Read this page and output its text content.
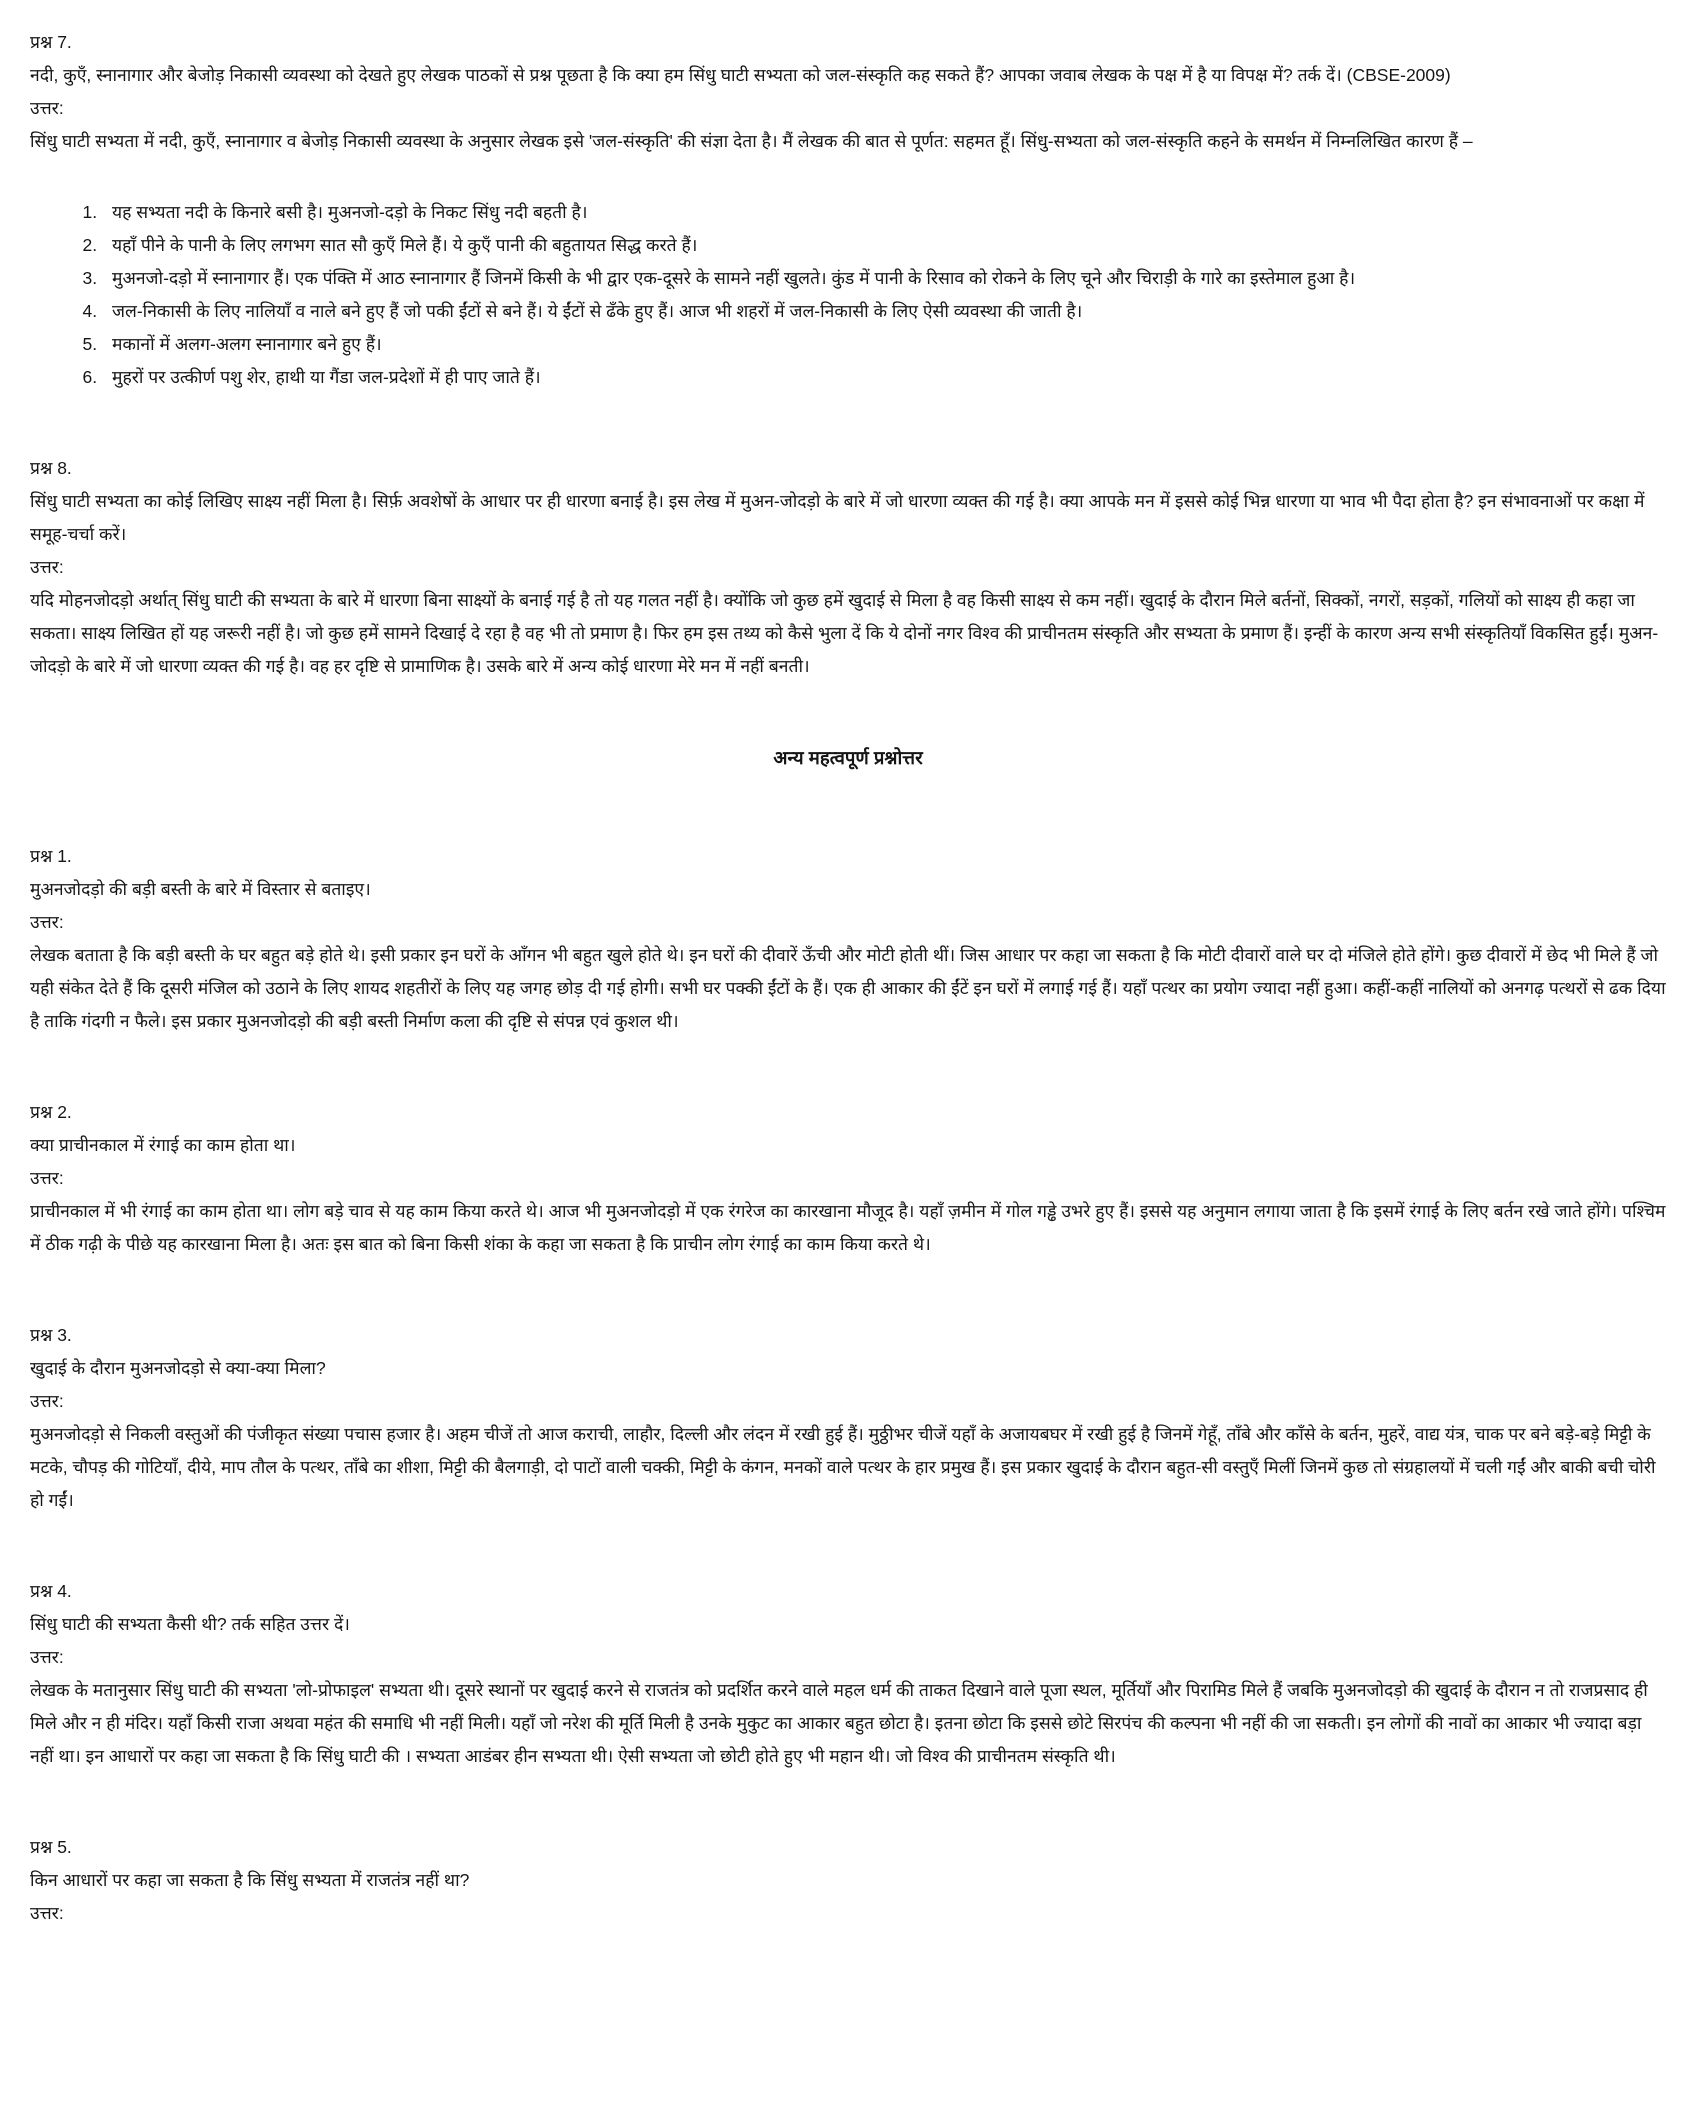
प्रश्न 7.

नदी, कुएँ, स्नानागार और बेजोड़ निकासी व्यवस्था को देखते हुए लेखक पाठकों से प्रश्न पूछता है कि क्या हम सिंधु घाटी सभ्यता को जल-संस्कृति कह सकते हैं? आपका जवाब लेखक के पक्ष में है या विपक्ष में? तर्क दें। (CBSE-2009)

उत्तर:

सिंधु घाटी सभ्यता में नदी, कुएँ, स्नानागार व बेजोड़ निकासी व्यवस्था के अनुसार लेखक इसे 'जल-संस्कृति' की संज्ञा देता है। मैं लेखक की बात से पूर्णत: सहमत हूँ। सिंधु-सभ्यता को जल-संस्कृति कहने के समर्थन में निम्नलिखित कारण हैं –

1. यह सभ्यता नदी के किनारे बसी है। मुअनजो-दड़ो के निकट सिंधु नदी बहती है।
2. यहाँ पीने के पानी के लिए लगभग सात सौ कुएँ मिले हैं। ये कुएँ पानी की बहुतायत सिद्ध करते हैं।
3. मुअनजो-दड़ो में स्नानागार हैं। एक पंक्ति में आठ स्नानागार हैं जिनमें किसी के भी द्वार एक-दूसरे के सामने नहीं खुलते। कुंड में पानी के रिसाव को रोकने के लिए चूने और चिराड़ी के गारे का इस्तेमाल हुआ है।
4. जल-निकासी के लिए नालियाँ व नाले बने हुए हैं जो पकी ईंटों से बने हैं। ये ईंटों से ढँके हुए हैं। आज भी शहरों में जल-निकासी के लिए ऐसी व्यवस्था की जाती है।
5. मकानों में अलग-अलग स्नानागार बने हुए हैं।
6. मुहरों पर उत्कीर्ण पशु शेर, हाथी या गैंडा जल-प्रदेशों में ही पाए जाते हैं।

प्रश्न 8.

सिंधु घाटी सभ्यता का कोई लिखिए साक्ष्य नहीं मिला है। सिर्फ़ अवशेषों के आधार पर ही धारणा बनाई है। इस लेख में मुअन-जोदड़ो के बारे में जो धारणा व्यक्त की गई है। क्या आपके मन में इससे कोई भिन्न धारणा या भाव भी पैदा होता है? इन संभावनाओं पर कक्षा में समूह-चर्चा करें।

उत्तर:

यदि मोहनजोदड़ो अर्थात् सिंधु घाटी की सभ्यता के बारे में धारणा बिना साक्ष्यों के बनाई गई है तो यह गलत नहीं है। क्योंकि जो कुछ हमें खुदाई से मिला है वह किसी साक्ष्य से कम नहीं। खुदाई के दौरान मिले बर्तनों, सिक्कों, नगरों, सड़कों, गलियों को साक्ष्य ही कहा जा सकता। साक्ष्य लिखित हों यह जरूरी नहीं है। जो कुछ हमें सामने दिखाई दे रहा है वह भी तो प्रमाण है। फिर हम इस तथ्य को कैसे भुला दें कि ये दोनों नगर विश्व की प्राचीनतम संस्कृति और सभ्यता के प्रमाण हैं। इन्हीं के कारण अन्य सभी संस्कृतियाँ विकसित हुईं। मुअन-जोदड़ो के बारे में जो धारणा व्यक्त की गई है। वह हर दृष्टि से प्रामाणिक है। उसके बारे में अन्य कोई धारणा मेरे मन में नहीं बनती।

अन्य महत्वपूर्ण प्रश्नोत्तर

प्रश्न 1.

मुअनजोदड़ो की बड़ी बस्ती के बारे में विस्तार से बताइए।

उत्तर:

लेखक बताता है कि बड़ी बस्ती के घर बहुत बड़े होते थे। इसी प्रकार इन घरों के आँगन भी बहुत खुले होते थे। इन घरों की दीवारें ऊँची और मोटी होती थीं। जिस आधार पर कहा जा सकता है कि मोटी दीवारों वाले घर दो मंजिले होते होंगे। कुछ दीवारों में छेद भी मिले हैं जो यही संकेत देते हैं कि दूसरी मंजिल को उठाने के लिए शायद शहतीरों के लिए यह जगह छोड़ दी गई होगी। सभी घर पक्की ईंटों के हैं। एक ही आकार की ईंटें इन घरों में लगाई गई हैं। यहाँ पत्थर का प्रयोग ज्यादा नहीं हुआ। कहीं-कहीं नालियों को अनगढ़ पत्थरों से ढक दिया है ताकि गंदगी न फैले। इस प्रकार मुअनजोदड़ो की बड़ी बस्ती निर्माण कला की दृष्टि से संपन्न एवं कुशल थी।

प्रश्न 2.

क्या प्राचीनकाल में रंगाई का काम होता था।

उत्तर:

प्राचीनकाल में भी रंगाई का काम होता था। लोग बड़े चाव से यह काम किया करते थे। आज भी मुअनजोदड़ो में एक रंगरेज का कारखाना मौजूद है। यहाँ ज़मीन में गोल गड्ढे उभरे हुए हैं। इससे यह अनुमान लगाया जाता है कि इसमें रंगाई के लिए बर्तन रखे जाते होंगे। पश्चिम में ठीक गढ़ी के पीछे यह कारखाना मिला है। अतः इस बात को बिना किसी शंका के कहा जा सकता है कि प्राचीन लोग रंगाई का काम किया करते थे।

प्रश्न 3.

खुदाई के दौरान मुअनजोदड़ो से क्या-क्या मिला?

उत्तर:

मुअनजोदड़ो से निकली वस्तुओं की पंजीकृत संख्या पचास हजार है। अहम चीजें तो आज कराची, लाहौर, दिल्ली और लंदन में रखी हुई हैं। मुठ्ठीभर चीजें यहाँ के अजायबघर में रखी हुई है जिनमें गेहूँ, ताँबे और काँसे के बर्तन, मुहरें, वाद्य यंत्र, चाक पर बने बड़े-बड़े मिट्टी के मटके, चौपड़ की गोटियाँ, दीये, माप तौल के पत्थर, ताँबे का शीशा, मिट्टी की बैलगाड़ी, दो पाटों वाली चक्की, मिट्टी के कंगन, मनकों वाले पत्थर के हार प्रमुख हैं। इस प्रकार खुदाई के दौरान बहुत-सी वस्तुएँ मिलीं जिनमें कुछ तो संग्रहालयों में चली गईं और बाकी बची चोरी हो गईं।

प्रश्न 4.

सिंधु घाटी की सभ्यता कैसी थी? तर्क सहित उत्तर दें।

उत्तर:

लेखक के मतानुसार सिंधु घाटी की सभ्यता 'लो-प्रोफाइल' सभ्यता थी। दूसरे स्थानों पर खुदाई करने से राजतंत्र को प्रदर्शित करने वाले महल धर्म की ताकत दिखाने वाले पूजा स्थल, मूर्तियाँ और पिरामिड मिले हैं जबकि मुअनजोदड़ो की खुदाई के दौरान न तो राजप्रसाद ही मिले और न ही मंदिर। यहाँ किसी राजा अथवा महंत की समाधि भी नहीं मिली। यहाँ जो नरेश की मूर्ति मिली है उनके मुकुट का आकार बहुत छोटा है। इतना छोटा कि इससे छोटे सिरपंच की कल्पना भी नहीं की जा सकती। इन लोगों की नावों का आकार भी ज्यादा बड़ा नहीं था। इन आधारों पर कहा जा सकता है कि सिंधु घाटी की । सभ्यता आडंबर हीन सभ्यता थी। ऐसी सभ्यता जो छोटी होते हुए भी महान थी। जो विश्व की प्राचीनतम संस्कृति थी।

प्रश्न 5.

किन आधारों पर कहा जा सकता है कि सिंधु सभ्यता में राजतंत्र नहीं था?

उत्तर:
